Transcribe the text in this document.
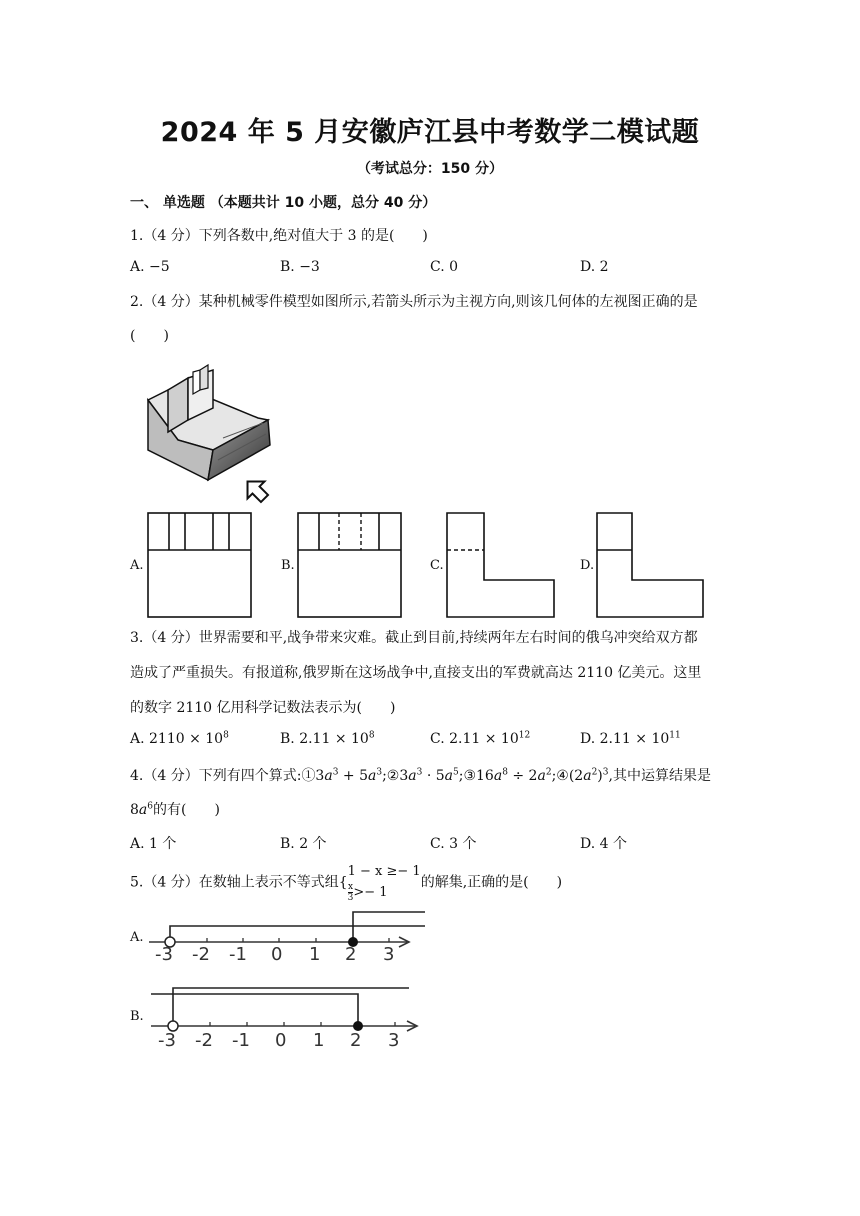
2024 年 5 月安徽庐江县中考数学二模试题
（考试总分：150 分）
一、 单选题 （本题共计 10 小题，总分 40 分）
1.（4 分）下列各数中,绝对值大于 3 的是(　　)
A. −5	B. −3	C. 0	D. 2
2.（4 分）某种机械零件模型如图所示,若箭头所示为主视方向,则该几何体的左视图正确的是
(　　)
A.	B.	C.	D.
3.（4 分）世界需要和平,战争带来灾难。截止到目前,持续两年左右时间的俄乌冲突给双方都
造成了严重损失。有报道称,俄罗斯在这场战争中,直接支出的军费就高达 2110 亿美元。这里
的数字 2110 亿用科学记数法表示为(　　)
A. $2110 \times 10^8$	B. $2.11 \times 10^8$	C. $2.11 \times 10^{12}$	D. $2.11 \times 10^{11}$
4.（4 分）下列有四个算式$:①3a^3$ + $5a^3;②3a^3$ · $5a^5;③16a^8$ ÷ $2a^2;④(2a^2)^3$,其中运算结果是
$8a^6$的有(　　)
A. 1 个	B. 2 个	C. 3 个	D. 4 个
5.（4 分）在数轴上表示不等式组{
1 − x ≥− 1
$\frac{x}{3} >- 1$
的解集,正确的是(　　)
A.
-3 -2 -1 0 1 2 3
B.
-3 -2 -1 0 1 2 3
